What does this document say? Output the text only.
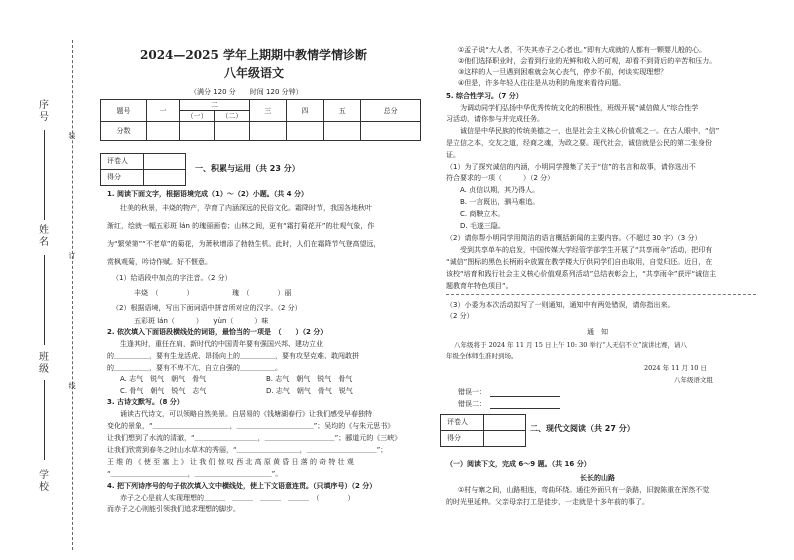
学校
班级
姓名
序号
装
订
线
2024—2025 学年上期期中教情学情诊断
八年级语文
（满分 120 分　　时间 120 分钟）
题号	一	二		三	四	五	总分
		（一）	（二）				
分数							
评卷人
得分
一、积累与运用（共 23 分）
1. 阅读下面文字，根据语境完成（1）～（2）小题。（共 4 分）
壮美的秋景，丰烧的物产，孕育了内涵深远的民俗文化。霜降时节，我国各地秋叶
渐红，绘就一幅五彩斑 lán 的瑰丽画卷；山林之间，更有“霜打菊花开”的壮观气象，作
为“繁荣第”“不老草”的菊花，为萧秋增添了勃勃生机。此时，人们在霜降节气登高望远，
赏枫观菊，吟诗作赋。好不惬意。
（1）给语段中加点的字注音。（2 分）
丰烧　（　　　　）	瑰　（　　　　）丽
（2）根据语境，写出下面词语中拼音所对应的汉字。（2 分）
五彩斑 lán（　　　）　　yùn（　　　）味
2. 依次填入下面语段横线处的词语，最恰当的一项是　（　　）（2 分）
生逢其时，重任在肩，新时代的中国青年要有强国兴邦、建功立业
的＿＿＿＿＿，要有生龙活虎、昂扬向上的＿＿＿＿＿，要有攻坚克难、敢闯敢拼
的＿＿＿＿＿，要有不卑不亢、自立自强的＿＿＿＿＿。
A. 志气　锐气　朝气　骨气	B. 志气　朝气　锐气　骨气
C. 骨气　朝气　锐气　志气	D. 志气　朝气　骨气　锐气
3. 古诗文默写。（8 分）
诵读古代诗文，可以领略自然美景。自居易的《钱塘湖春行》让我们感受早春独特
变化的景象，“＿＿＿＿＿＿＿＿＿＿＿，＿＿＿＿＿＿＿＿＿＿＿”；吴均的《与朱元思书》
让我们想到了水流的清澈，“＿＿＿＿＿＿＿＿＿，＿＿＿＿＿＿＿＿＿＿”；郦道元的《三峡》
让我们欣赏到春冬之时山水草木的秀丽，“＿＿＿＿＿＿＿＿＿，＿＿＿＿＿＿＿＿＿＿”；
王 维 的 《 使 至 塞 上 》 让 我 们 惊 叹 西 北 高 原 黄 昏 日 落 的 奇 特 壮 观
“＿＿＿＿＿＿＿＿＿＿＿，＿＿＿＿＿＿＿＿＿＿＿”。
4. 把下列诗序号的句子依次填入文中横线处，使上下文语意连贯。（只填序号）（2 分）
赤子之心是前人实现理想的＿＿＿　＿＿＿　＿＿＿　＿＿＿　（　　　　）
而赤子之心则能引领我们追求理想的脚步。
①孟子说“大人者，不失其赤子之心者也。”即有大成就的人都有一颗婴儿般的心。
②他们选择职业时，会看到行业的光鲜和收入的可观，却看不到背后的辛苦和压力。
③这样的人一旦遇到困难就会灰心丧气，停步不前，何谈实现理想？
④但是，许多年轻人往往是从功利的角度来看待问题。
5. 综合性学习。（7 分）
为调动同学们弘扬中华优秀传统文化的积极性，班级开展“诚信做人”综合性学
习活动，请你参与并完成任务。
诚信是中华民族的传统美德之一，也是社会主义核心价值观之一。在古人眼中，“信”
是立信之本，交友之道，经商之魂，为政之要。现代社会，诚信就是公民的第二张身份
证。
（1）为了探究诚信的内涵，小明同学搜集了关于“信”的名言和故事，请你选出不
符合要求的一项（　　　）（2 分）
A. 贞信以期，其乃得人。
B. 一言既出，驷马难追。
C. 商鞅立木。
D. 毛遂三隐。
（2）请你帮小明同学用简洁的语言概括新闻的主要内容。（不超过 30 字）（3 分）
受到共享单车的启发，中国传媒大学经管学部学生开展了“共享雨伞”活动，把印有
“诚信”图标的黑色长柄雨伞放置在教学楼大厅供同学们自由取用，自觉归还。近日，在
该校“培育和践行社会主义核心价值观系列活动”总结表彰会上，“共享雨伞”获评“诚信主
题教育年特色项目”。
（3）小委为本次活动拟写了一则通知，通知中有两处错误，请你指出来。
（2 分）
通　知
八年级将于 2024 年 11 月 15 日上午 10: 30 举行“人无信不立”演讲比赛，请八
年级全体师生准时到场。
2024 年 11 月 10 日
八年级语文组
错误一：
错误二：
评卷人
得分
二、现代文阅读（共 27 分）
（一）阅读下文，完成 6～9 题。（共 16 分）
长长的山路
①村与寨之间，山路相连，弯曲环绕。通往外面只有一条路，旧貌陈重在浑然不觉
的时光里延伸。父亲母亲打工是徒步，一走就是十多年前的事了。
